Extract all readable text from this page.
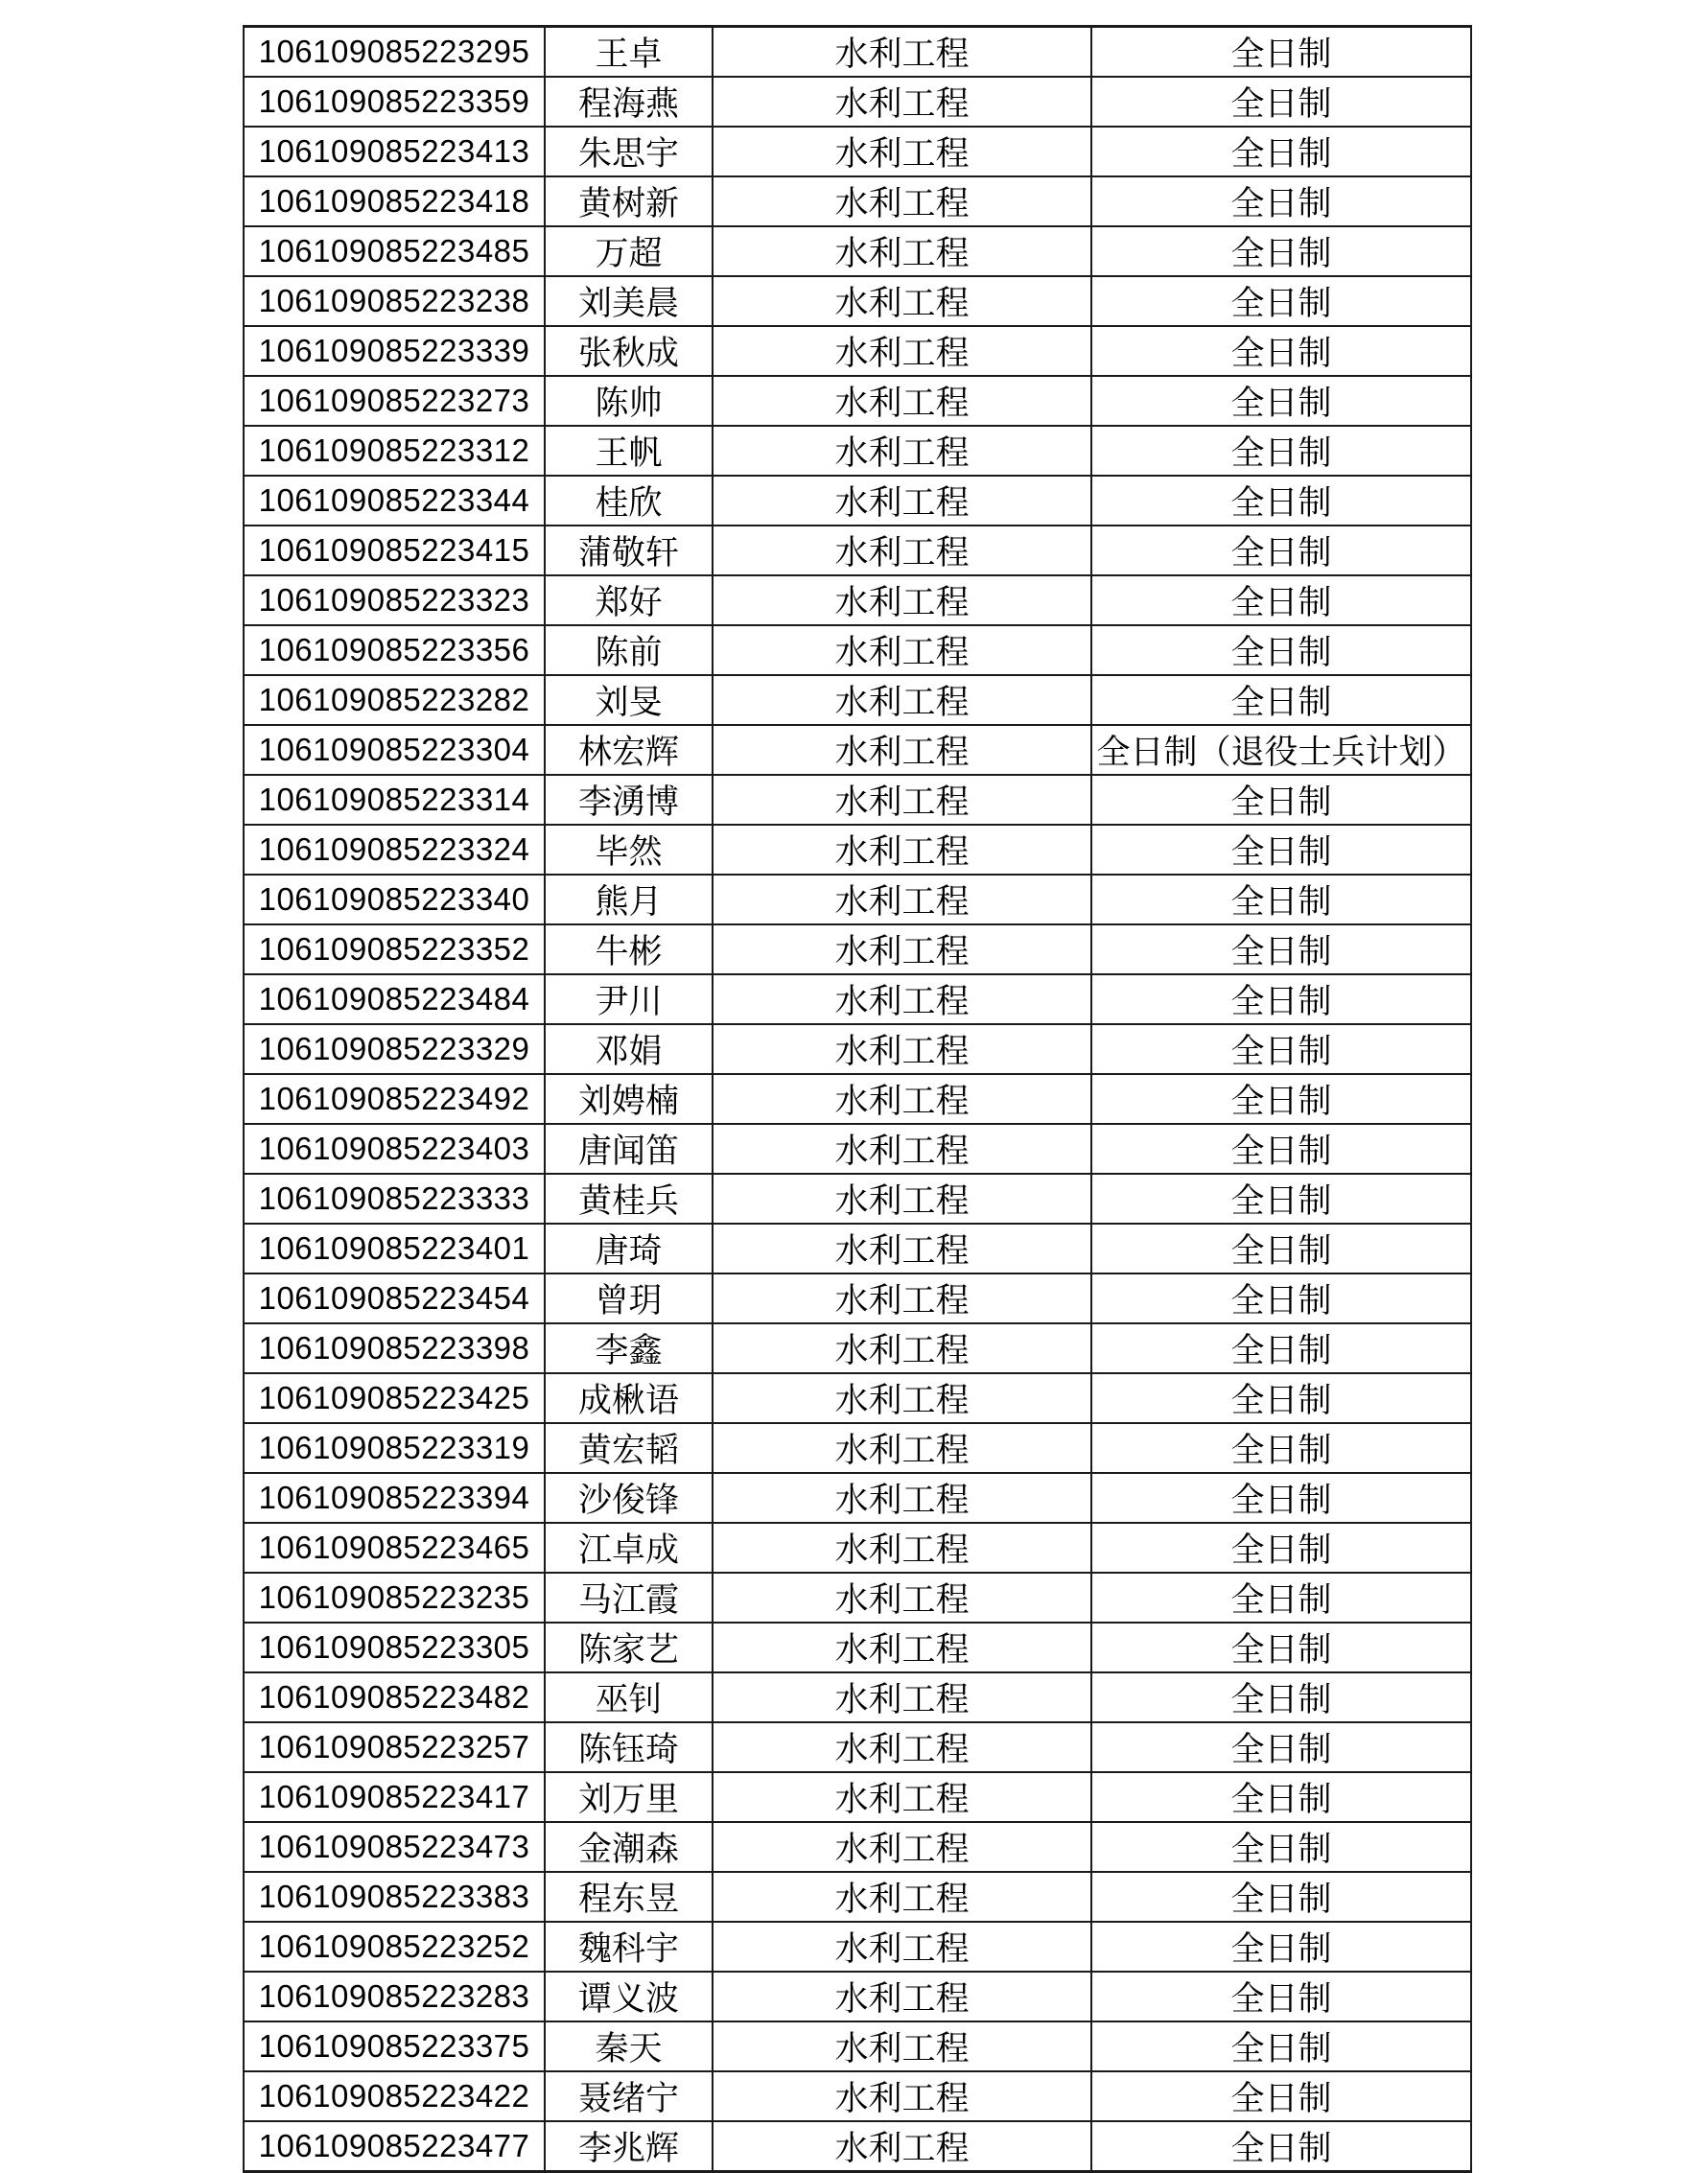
106109085223295	王卓	水利工程	全日制
106109085223359	程海燕	水利工程	全日制
106109085223413	朱思宇	水利工程	全日制
106109085223418	黄树新	水利工程	全日制
106109085223485	万超	水利工程	全日制
106109085223238	刘美晨	水利工程	全日制
106109085223339	张秋成	水利工程	全日制
106109085223273	陈帅	水利工程	全日制
106109085223312	王帆	水利工程	全日制
106109085223344	桂欣	水利工程	全日制
106109085223415	蒲敬轩	水利工程	全日制
106109085223323	郑好	水利工程	全日制
106109085223356	陈前	水利工程	全日制
106109085223282	刘旻	水利工程	全日制
106109085223304	林宏辉	水利工程	全日制（退役士兵计划）
106109085223314	李湧博	水利工程	全日制
106109085223324	毕然	水利工程	全日制
106109085223340	熊月	水利工程	全日制
106109085223352	牛彬	水利工程	全日制
106109085223484	尹川	水利工程	全日制
106109085223329	邓娟	水利工程	全日制
106109085223492	刘娉楠	水利工程	全日制
106109085223403	唐闻笛	水利工程	全日制
106109085223333	黄桂兵	水利工程	全日制
106109085223401	唐琦	水利工程	全日制
106109085223454	曾玥	水利工程	全日制
106109085223398	李鑫	水利工程	全日制
106109085223425	成楸语	水利工程	全日制
106109085223319	黄宏韬	水利工程	全日制
106109085223394	沙俊锋	水利工程	全日制
106109085223465	江卓成	水利工程	全日制
106109085223235	马江霞	水利工程	全日制
106109085223305	陈家艺	水利工程	全日制
106109085223482	巫钊	水利工程	全日制
106109085223257	陈钰琦	水利工程	全日制
106109085223417	刘万里	水利工程	全日制
106109085223473	金潮森	水利工程	全日制
106109085223383	程东昱	水利工程	全日制
106109085223252	魏科宇	水利工程	全日制
106109085223283	谭义波	水利工程	全日制
106109085223375	秦天	水利工程	全日制
106109085223422	聂绪宁	水利工程	全日制
106109085223477	李兆辉	水利工程	全日制
